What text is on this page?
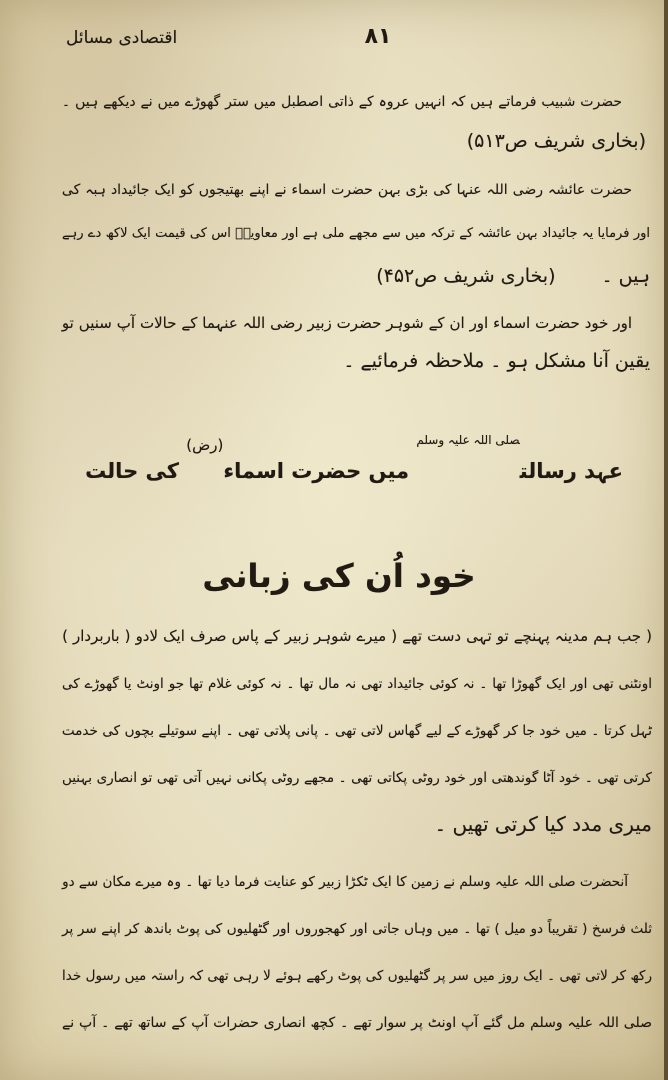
اقتصادی مسائل	۸۱
حضرت شبیب فرماتے ہیں کہ انہیں عروہ کے ذاتی اصطبل میں ستر گھوڑے میں نے دیکھے ہیں ۔
(بخاری شریف ص۵۱۳)
حضرت عائشہ رضی اللہ عنہا کی بڑی بہن حضرت اسماء نے اپنے بھتیجوں کو ایک جائیداد ہبہ کی
اور فرمایا یہ جائیداد بہن عائشہ کے ترکہ میں سے مجھے ملی ہے اور معاویہؓ اس کی قیمت ایک لاکھ دے رہے
ہیں ۔(بخاری شریف ص۴۵۲)
اور خود حضرت اسماء اور ان کے شوہر حضرت زبیر رضی اللہ عنہما کے حالات آپ سنیں تو
یقین آنا مشکل ہو ۔ ملاحظہ فرمائیے ۔
عہد رسالت$^{صلی اللہ علیہ وسلم}$ میں حضرت اسماء$^{(رض)}$ کی حالت
خود اُن کی زبانی
( جب ہم مدینہ پہنچے تو تہی دست تھے ( میرے شوہر زبیر کے پاس صرف ایک لادو ( باربردار )
اونٹنی تھی اور ایک گھوڑا تھا ۔ نہ کوئی جائیداد تھی نہ مال تھا ۔ نہ کوئی غلام تھا جو اونٹ یا گھوڑے کی
ٹہل کرتا ۔ میں خود جا کر گھوڑے کے لیے گھاس لاتی تھی ۔ پانی پلاتی تھی ۔ اپنے سوتیلے بچوں کی خدمت
کرتی تھی ۔ خود آٹا گوندھتی اور خود روٹی پکاتی تھی ۔ مجھے روٹی پکانی نہیں آتی تھی تو انصاری بہنیں
میری مدد کیا کرتی تھیں ۔
آنحضرت صلی اللہ علیہ وسلم نے زمین کا ایک ٹکڑا زبیر کو عنایت فرما دیا تھا ۔ وہ میرے مکان سے دو
ثلث فرسخ ( تقریباً دو میل ) تھا ۔ میں وہاں جاتی اور کھجوروں اور گٹھلیوں کی پوٹ باندھ کر اپنے سر پر
رکھ کر لاتی تھی ۔ ایک روز میں سر پر گٹھلیوں کی پوٹ رکھے ہوئے لا رہی تھی کہ راستہ میں رسول خدا
صلی اللہ علیہ وسلم مل گئے آپ اونٹ پر سوار تھے ۔ کچھ انصاری حضرات آپ کے ساتھ تھے ۔ آپ نے
